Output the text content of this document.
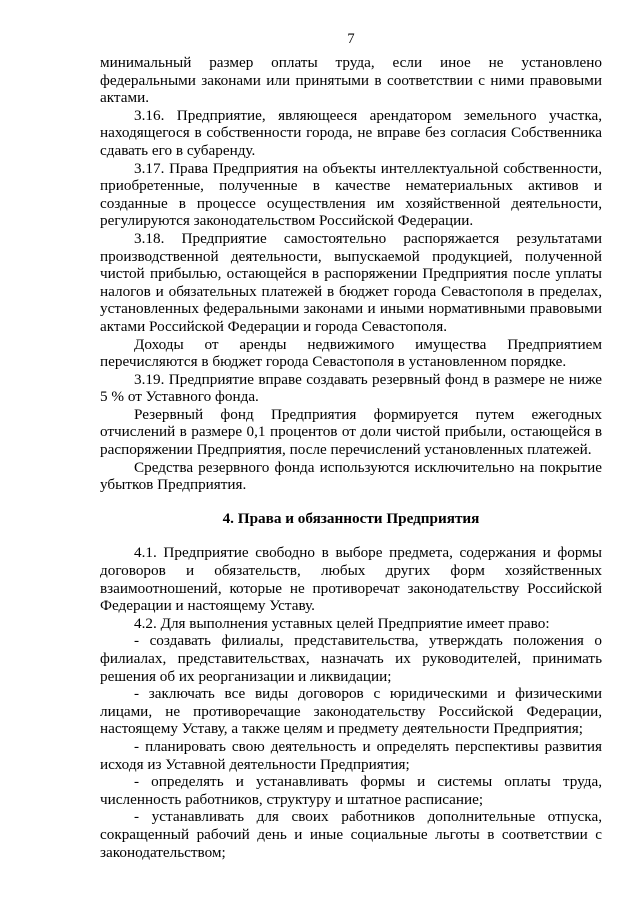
7

минимальный размер оплаты труда, если иное не установлено федеральными законами или принятыми в соответствии с ними правовыми актами.

3.16. Предприятие, являющееся арендатором земельного участка, находящегося в собственности города, не вправе без согласия Собственника сдавать его в субаренду.

3.17. Права Предприятия на объекты интеллектуальной собственности, приобретенные, полученные в качестве нематериальных активов и созданные в процессе осуществления им хозяйственной деятельности, регулируются законодательством Российской Федерации.

3.18. Предприятие самостоятельно распоряжается результатами производственной деятельности, выпускаемой продукцией, полученной чистой прибылью, остающейся в распоряжении Предприятия после уплаты налогов и обязательных платежей в бюджет города Севастополя в пределах, установленных федеральными законами и иными нормативными правовыми актами Российской Федерации и города Севастополя.

Доходы от аренды недвижимого имущества Предприятием перечисляются в бюджет города Севастополя в установленном порядке.

3.19. Предприятие вправе создавать резервный фонд в размере не ниже 5 % от Уставного фонда.

Резервный фонд Предприятия формируется путем ежегодных отчислений в размере 0,1 процентов от доли чистой прибыли, остающейся в распоряжении Предприятия, после перечислений установленных платежей.

Средства резервного фонда используются исключительно на покрытие убытков Предприятия.

4. Права и обязанности Предприятия

4.1. Предприятие свободно в выборе предмета, содержания и формы договоров и обязательств, любых других форм хозяйственных взаимоотношений, которые не противоречат законодательству Российской Федерации и настоящему Уставу.

4.2. Для выполнения уставных целей Предприятие имеет право:

- создавать филиалы, представительства, утверждать положения о филиалах, представительствах, назначать их руководителей, принимать решения об их реорганизации и ликвидации;

- заключать все виды договоров с юридическими и физическими лицами, не противоречащие законодательству Российской Федерации, настоящему Уставу, а также целям и предмету деятельности Предприятия;

- планировать свою деятельность и определять перспективы развития исходя из Уставной деятельности Предприятия;

- определять и устанавливать формы и системы оплаты труда, численность работников, структуру и штатное расписание;

- устанавливать для своих работников дополнительные отпуска, сокращенный рабочий день и иные социальные льготы в соответствии с законодательством;
